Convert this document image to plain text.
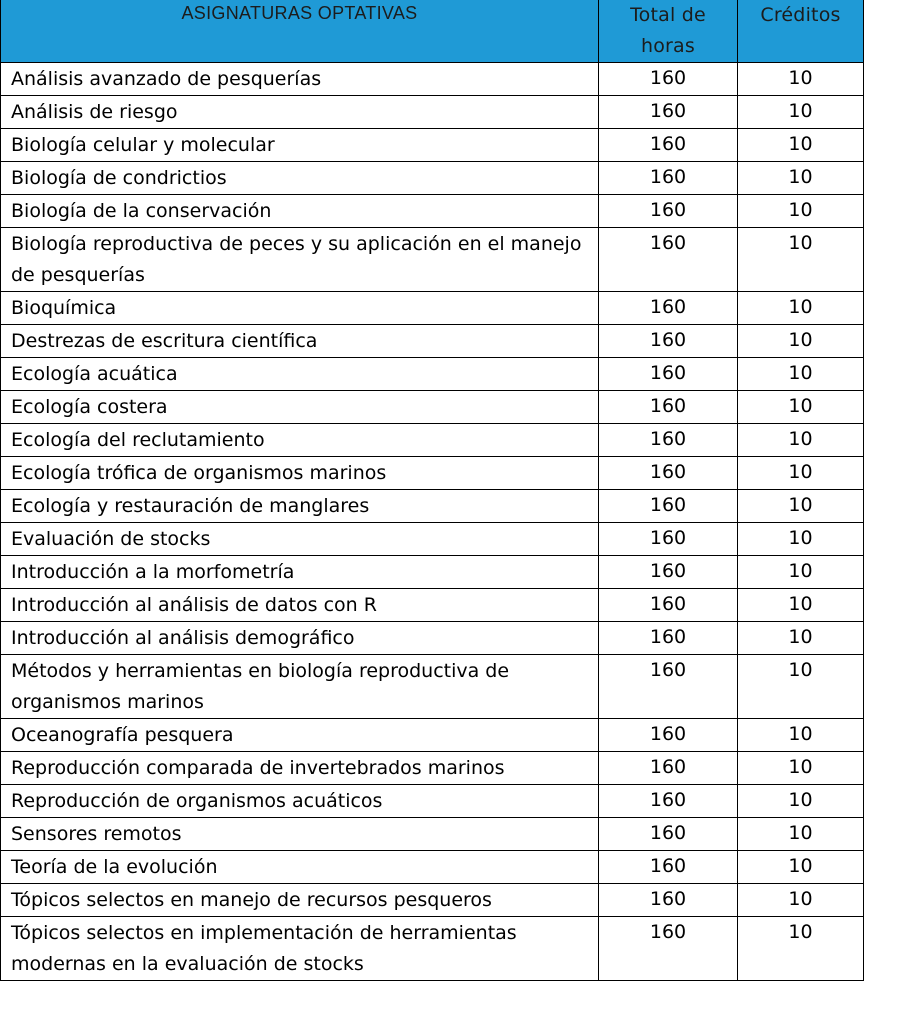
ASIGNATURAS OPTATIVAS	Total de horas	Créditos
Análisis avanzado de pesquerías	160	10
Análisis de riesgo	160	10
Biología celular y molecular	160	10
Biología de condrictios	160	10
Biología de la conservación	160	10
Biología reproductiva de peces y su aplicación en el manejo de pesquerías	160	10
Bioquímica	160	10
Destrezas de escritura científica	160	10
Ecología acuática	160	10
Ecología costera	160	10
Ecología del reclutamiento	160	10
Ecología trófica de organismos marinos	160	10
Ecología y restauración de manglares	160	10
Evaluación de stocks	160	10
Introducción a la morfometría	160	10
Introducción al análisis de datos con R	160	10
Introducción al análisis demográfico	160	10
Métodos y herramientas en biología reproductiva de organismos marinos	160	10
Oceanografía pesquera	160	10
Reproducción comparada de invertebrados marinos	160	10
Reproducción de organismos acuáticos	160	10
Sensores remotos	160	10
Teoría de la evolución	160	10
Tópicos selectos en manejo de recursos pesqueros	160	10
Tópicos selectos en implementación de herramientas modernas en la evaluación de stocks	160	10
